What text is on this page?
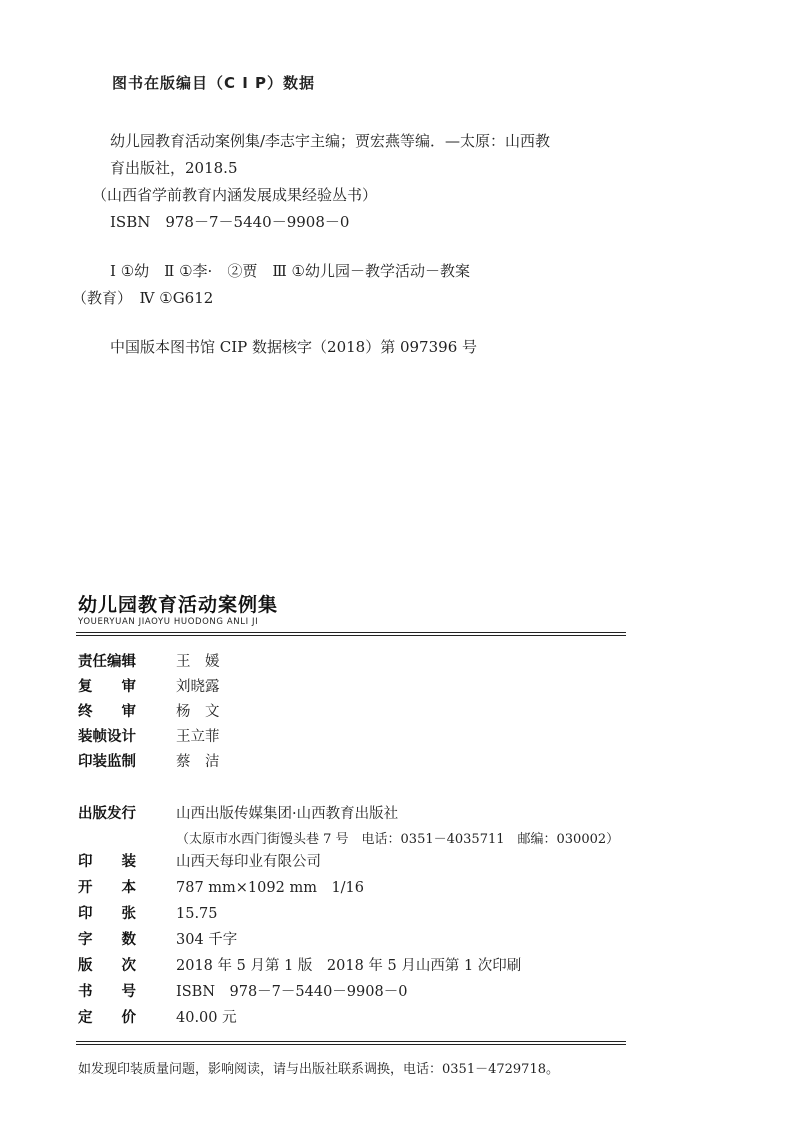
图书在版编目（C I P）数据
幼儿园教育活动案例集/李志宇主编；贾宏燕等编．—太原：山西教
育出版社，2018.5
（山西省学前教育内涵发展成果经验丛书）
ISBN　978－7－5440－9908－0
Ⅰ ①幼　Ⅱ ①李·　②贾　Ⅲ ①幼儿园－教学活动－教案
（教育）　Ⅳ ①G612
中国版本图书馆 CIP 数据核字（2018）第 097396 号
幼儿园教育活动案例集
YOUERYUAN JIAOYU HUODONG ANLI JI
责任编辑	王　媛
复　　审	刘晓露
终　　审	杨　文
装帧设计	王立菲
印装监制	蔡　洁
出版发行	山西出版传媒集团·山西教育出版社
（太原市水西门街馒头巷 7 号　电话：0351－4035711　邮编：030002）
印　　装	山西天每印业有限公司
开　　本	787 mm×1092 mm　1/16
印　　张	15.75
字　　数	304 千字
版　　次	2018 年 5 月第 1 版　2018 年 5 月山西第 1 次印刷
书　　号	ISBN　978－7－5440－9908－0
定　　价	40.00 元
如发现印装质量问题，影响阅读，请与出版社联系调换，电话：0351－4729718。
